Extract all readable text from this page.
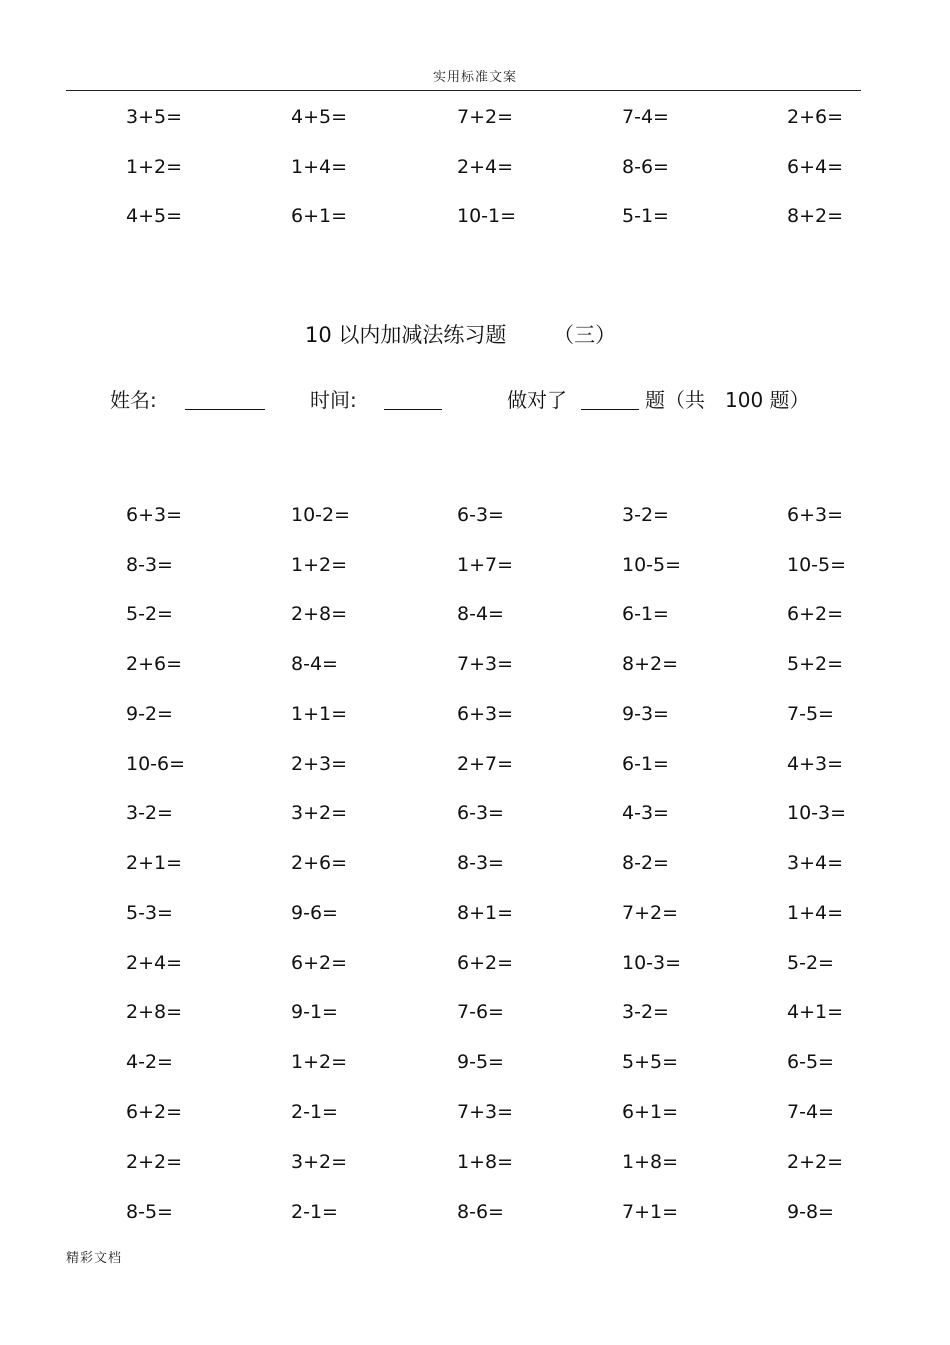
实用标准文案
3+5=	4+5=	7+2=	7-4=	2+6=
1+2=	1+4=	2+4=	8-6=	6+4=
4+5=	6+1=	10-1=	5-1=	8+2=
10 以内加减法练习题 （三）
姓名:	时间:	做对了	题（共　100 题）
6+3=	10-2=	6-3=	3-2=	6+3=
8-3=	1+2=	1+7=	10-5=	10-5=
5-2=	2+8=	8-4=	6-1=	6+2=
2+6=	8-4=	7+3=	8+2=	5+2=
9-2=	1+1=	6+3=	9-3=	7-5=
10-6=	2+3=	2+7=	6-1=	4+3=
3-2=	3+2=	6-3=	4-3=	10-3=
2+1=	2+6=	8-3=	8-2=	3+4=
5-3=	9-6=	8+1=	7+2=	1+4=
2+4=	6+2=	6+2=	10-3=	5-2=
2+8=	9-1=	7-6=	3-2=	4+1=
4-2=	1+2=	9-5=	5+5=	6-5=
6+2=	2-1=	7+3=	6+1=	7-4=
2+2=	3+2=	1+8=	1+8=	2+2=
8-5=	2-1=	8-6=	7+1=	9-8=
精彩文档
